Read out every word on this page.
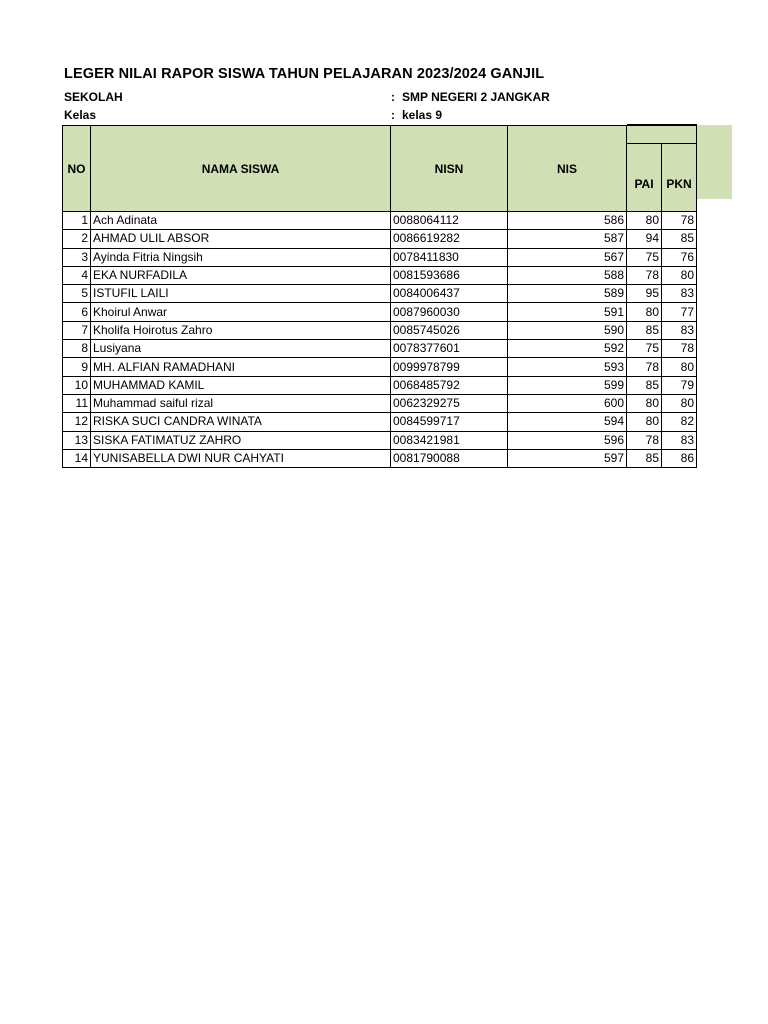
LEGER NILAI RAPOR SISWA TAHUN PELAJARAN 2023/2024 GANJIL
SEKOLAH	: SMP NEGERI 2 JANGKAR
Kelas	: kelas 9
NO	NAMA SISWA	NISN	NIS		
				PAI	PKN
1	Ach Adinata	0088064112	586	80	78
2	AHMAD ULIL ABSOR	0086619282	587	94	85
3	Ayinda Fitria Ningsih	0078411830	567	75	76
4	EKA NURFADILA	0081593686	588	78	80
5	ISTUFIL LAILI	0084006437	589	95	83
6	Khoirul Anwar	0087960030	591	80	77
7	Kholifa Hoirotus Zahro	0085745026	590	85	83
8	Lusiyana	0078377601	592	75	78
9	MH. ALFIAN RAMADHANI	0099978799	593	78	80
10	MUHAMMAD KAMIL	0068485792	599	85	79
11	Muhammad saiful rizal	0062329275	600	80	80
12	RISKA SUCI CANDRA WINATA	0084599717	594	80	82
13	SISKA FATIMATUZ ZAHRO	0083421981	596	78	83
14	YUNISABELLA DWI NUR CAHYATI	0081790088	597	85	86
